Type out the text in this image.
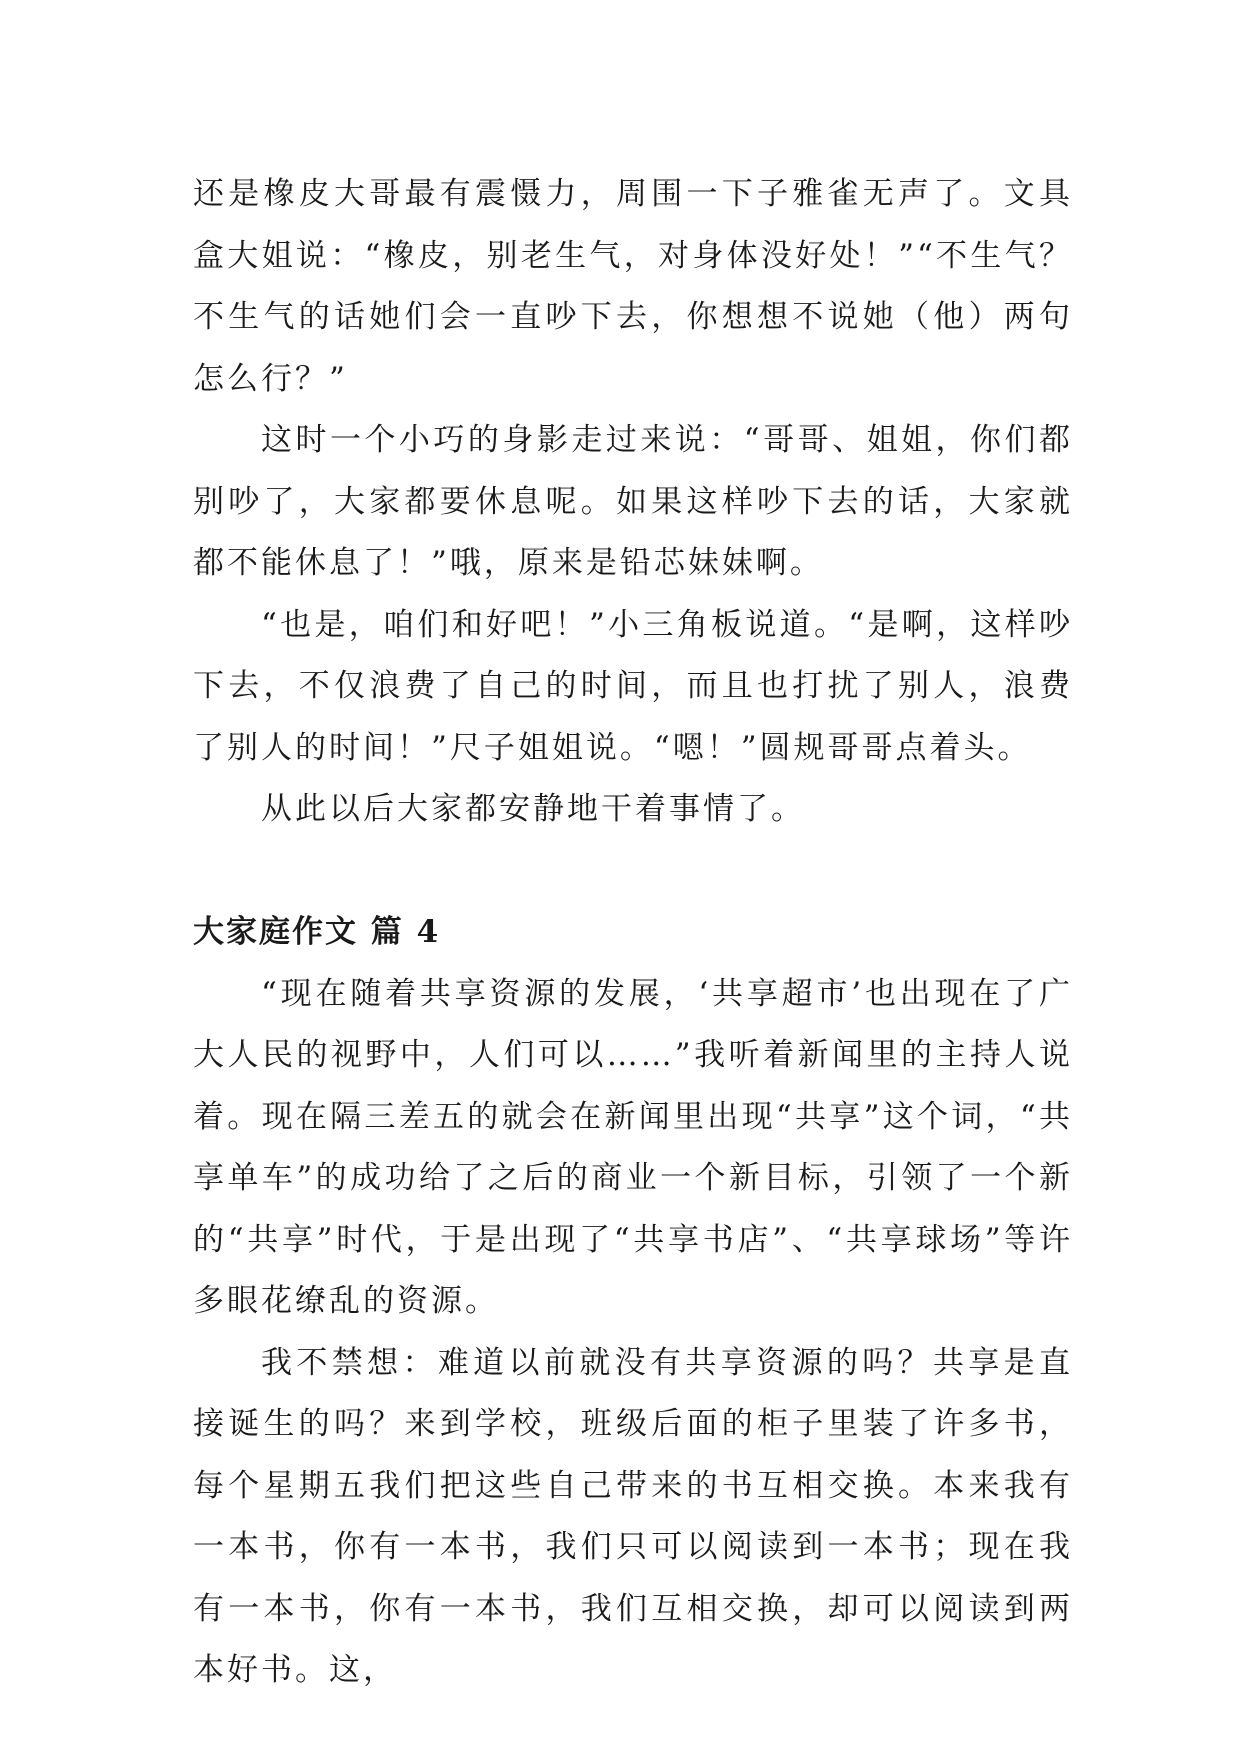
还是橡皮大哥最有震慑力，周围一下子雅雀无声了。文具盒大姐说：“橡皮，别老生气，对身体没好处！”“不生气？不生气的话她们会一直吵下去，你想想不说她（他）两句怎么行？”

这时一个小巧的身影走过来说：“哥哥、姐姐，你们都别吵了，大家都要休息呢。如果这样吵下去的话，大家就都不能休息了！”哦，原来是铅芯妹妹啊。

“也是，咱们和好吧！”小三角板说道。“是啊，这样吵下去，不仅浪费了自己的时间，而且也打扰了别人，浪费了别人的时间！”尺子姐姐说。“嗯！”圆规哥哥点着头。

从此以后大家都安静地干着事情了。

大家庭作文 篇 4

“现在随着共享资源的发展，‘共享超市’也出现在了广大人民的视野中，人们可以……”我听着新闻里的主持人说着。现在隔三差五的就会在新闻里出现“共享”这个词，“共享单车”的成功给了之后的商业一个新目标，引领了一个新的“共享”时代，于是出现了“共享书店”、“共享球场”等许多眼花缭乱的资源。

我不禁想：难道以前就没有共享资源的吗？共享是直接诞生的吗？来到学校，班级后面的柜子里装了许多书，每个星期五我们把这些自己带来的书互相交换。本来我有一本书，你有一本书，我们只可以阅读到一本书；现在我有一本书，你有一本书，我们互相交换，却可以阅读到两本好书。这，
